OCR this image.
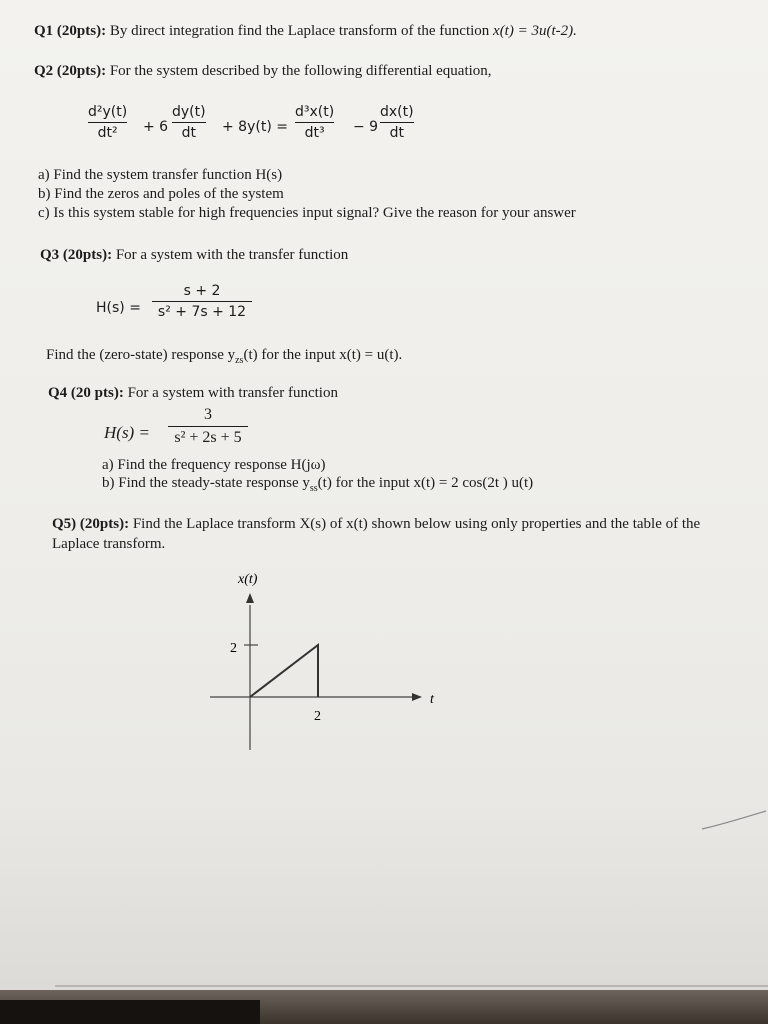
Q1 (20pts): By direct integration find the Laplace transform of the function x(t) = 3u(t-2).
Q2 (20pts): For the system described by the following differential equation,
d²y(t)
dt²	+ 6
dy(t)
dt	+ 8y(t) =
d³x(t)
dt³	− 9
dx(t)
dt
a) Find the system transfer function H(s)
b) Find the zeros and poles of the system
c) Is this system stable for high frequencies input signal? Give the reason for your answer
Q3 (20pts): For a system with the transfer function
H(s) =
s + 2
s² + 7s + 12
Find the (zero-state) response $y_{zs}(t)$ for the input x(t) = u(t).
Q4 (20 pts): For a system with transfer function
H(s) =
3
s² + 2s + 5
a) Find the frequency response H(jω)
b) Find the steady-state response $y_{ss}(t)$ for the input x(t) = 2 cos(2t ) u(t)
Q5) (20pts): Find the Laplace transform X(s) of x(t) shown below using only properties and the table of the
Laplace transform.
x(t)
t
2
2
